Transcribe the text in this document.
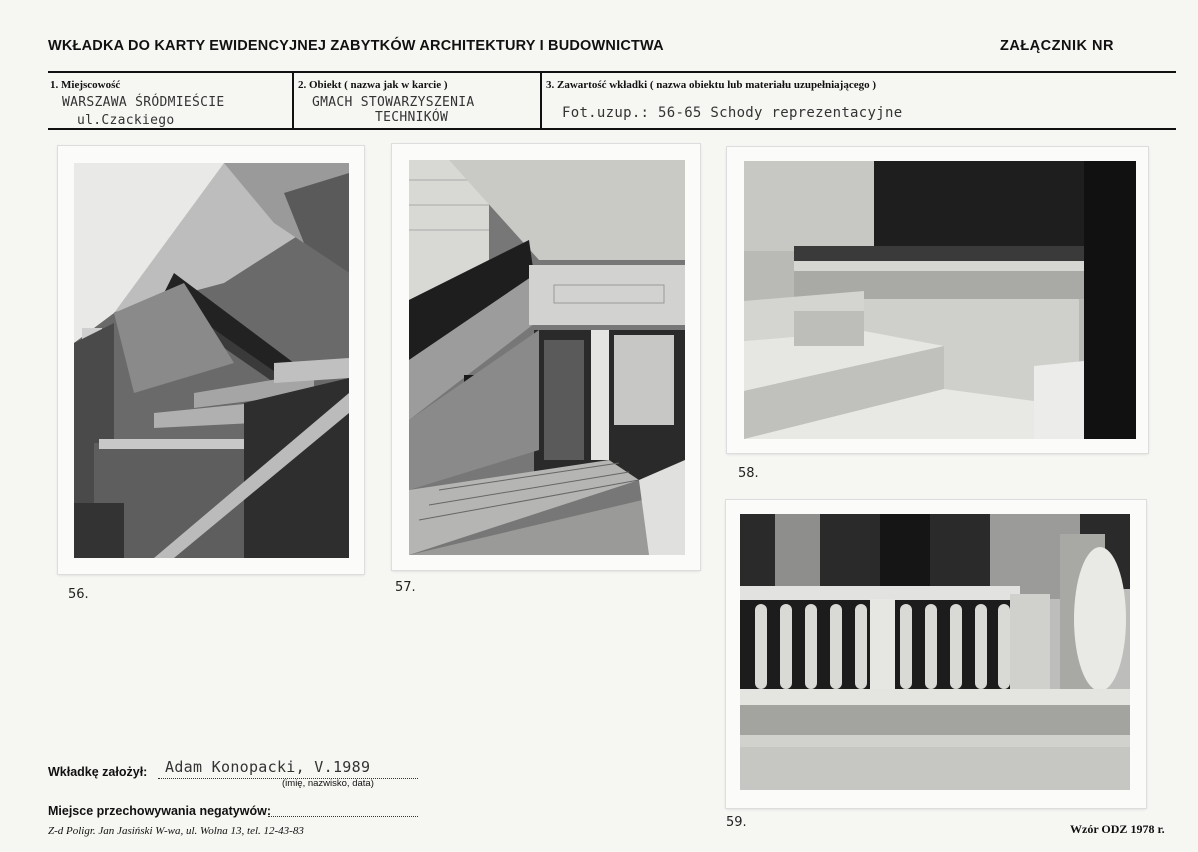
WKŁADKA DO KARTY EWIDENCYJNEJ ZABYTKÓW ARCHITEKTURY I BUDOWNICTWA	ZAŁĄCZNIK NR
1. Miejscowość
WARSZAWA ŚRÓDMIEŚCIE
ul.Czackiego
2. Obiekt ( nazwa jak w karcie )
GMACH STOWARZYSZENIA
TECHNIKÓW
3. Zawartość wkładki ( nazwa obiektu lub materiału uzupełniającego )
Fot.uzup.: 56-65 Schody reprezentacyjne
56.	57.
58.
59.
Wkładkę założył: Adam Konopacki, V.1989
(imię, nazwisko, data)
Miejsce przechowywania negatywów:
Z-d Poligr. Jan Jasiński W-wa, ul. Wolna 13, tel. 12-43-83	Wzór ODZ 1978 r.
